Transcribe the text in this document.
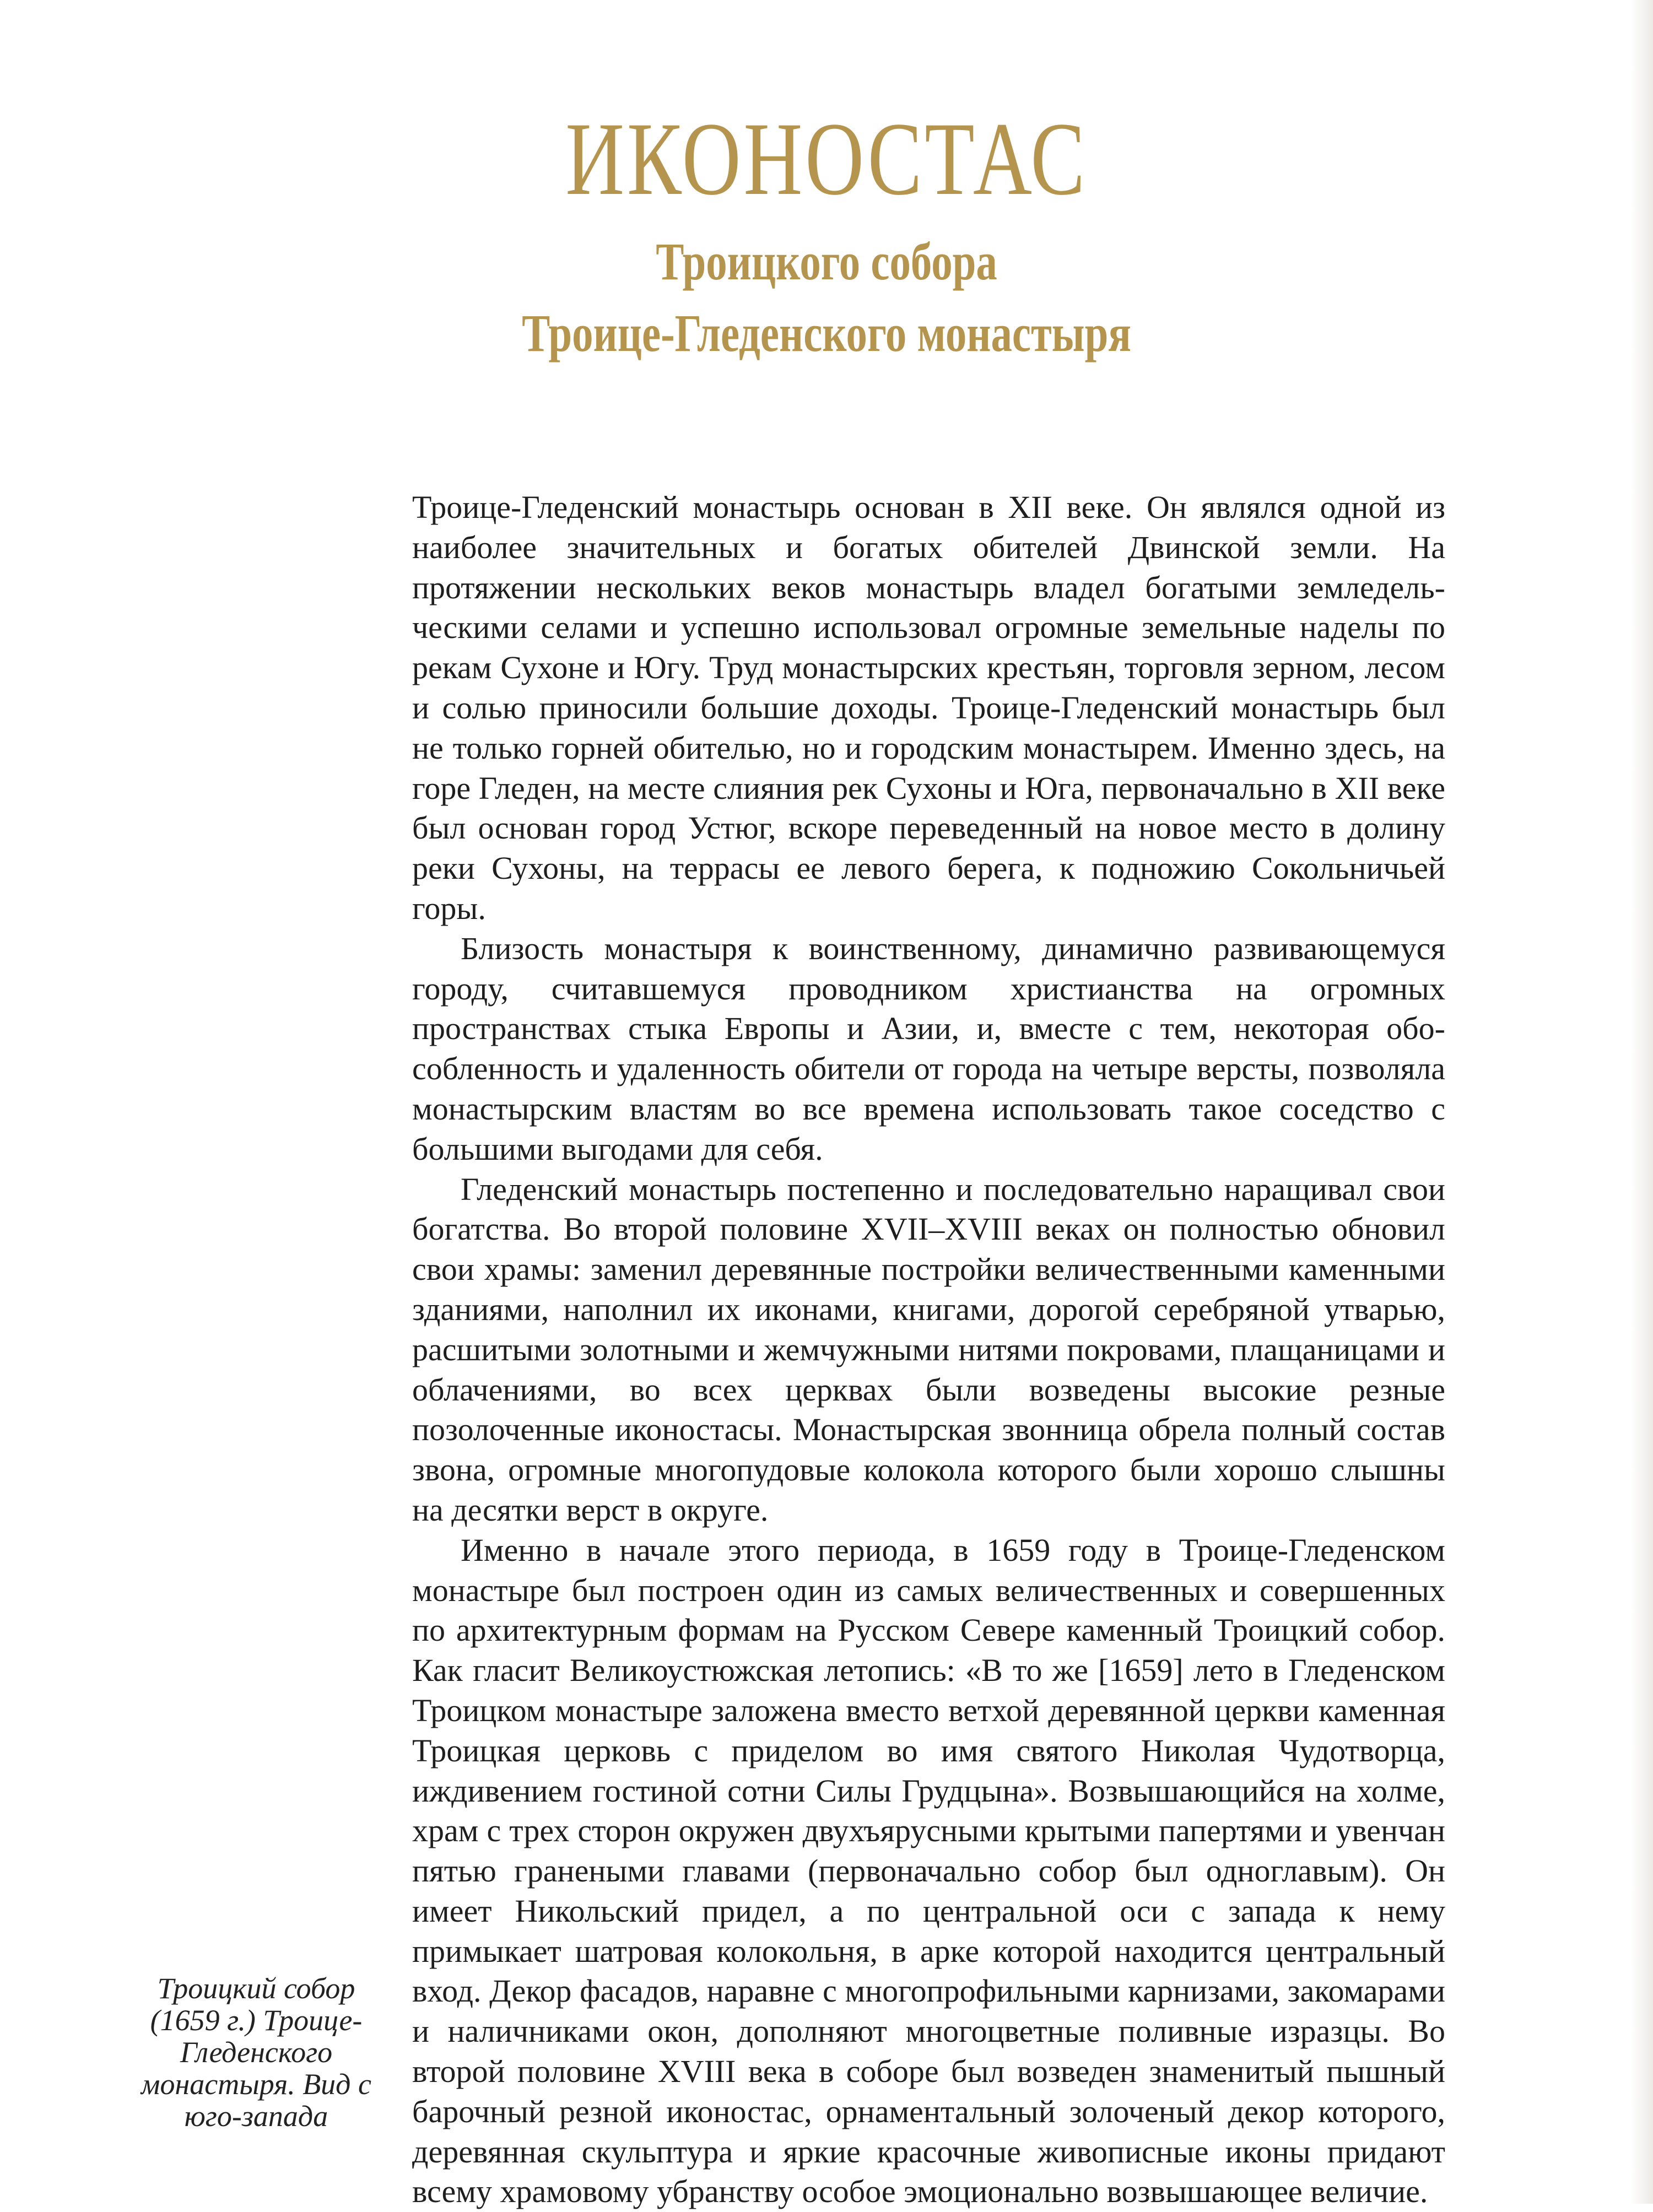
ИКОНОСТАС
Троицкого собора
Троице-Гледенского монастыря

Троице-Гледенский монастырь основан в XII веке. Он являлся одной из наиболее значительных и богатых обителей Двинской земли. На протяжении нескольких веков монастырь владел богатыми земледельческими селами и успешно использовал огромные земельные наделы по рекам Сухоне и Югу. Труд монастырских крестьян, торговля зерном, лесом и солью приносили большие доходы. Троице-Гледенский монастырь был не только горней обителью, но и городским монастырем. Именно здесь, на горе Гледен, на месте слияния рек Сухоны и Юга, первоначально в XII веке был основан город Устюг, вскоре переведенный на новое место в долину реки Сухоны, на террасы ее левого берега, к подножию Сокольничьей горы.

Близость монастыря к воинственному, динамично развивающемуся городу, считавшемуся проводником христианства на огромных пространствах стыка Европы и Азии, и, вместе с тем, некоторая обособленность и удаленность обители от города на четыре версты, позволяла монастырским властям во все времена использовать такое соседство с большими выгодами для себя.

Гледенский монастырь постепенно и последовательно наращивал свои богатства. Во второй половине XVII–XVIII веках он полностью обновил свои храмы: заменил деревянные постройки величественными каменными зданиями, наполнил их иконами, книгами, дорогой серебряной утварью, расшитыми золотными и жемчужными нитями покровами, плащаницами и облачениями, во всех церквах были возведены высокие резные позолоченные иконостасы. Монастырская звонница обрела полный состав звона, огромные многопудовые колокола которого были хорошо слышны на десятки верст в округе.

Именно в начале этого периода, в 1659 году в Троице-Гледенском монастыре был построен один из самых величественных и совершенных по архитектурным формам на Русском Севере каменный Троицкий собор. Как гласит Великоустюжская летопись: «В то же [1659] лето в Гледенском Троицком монастыре заложена вместо ветхой деревянной церкви каменная Троицкая церковь с приделом во имя святого Николая Чудотворца, иждивением гостиной сотни Силы Грудцына». Возвышающийся на холме, храм с трех сторон окружен двухъярусными крытыми папертями и увенчан пятью гранеными главами (первоначально собор был одноглавым). Он имеет Никольский придел, а по центральной оси с запада к нему примыкает шатровая колокольня, в арке которой находится центральный вход. Декор фасадов, наравне с многопрофильными карнизами, закомарами и наличниками окон, дополняют многоцветные поливные изразцы. Во второй половине XVIII века в соборе был возведен знаменитый пышный барочный резной иконостас, орнаментальный золоченый декор которого, деревянная скульптура и яркие красочные живописные иконы придают всему храмовому убранству особое эмоционально возвышающее величие.

Троицкий собор (1659 г.) Троице-Гледенского монастыря. Вид с юго-запада
